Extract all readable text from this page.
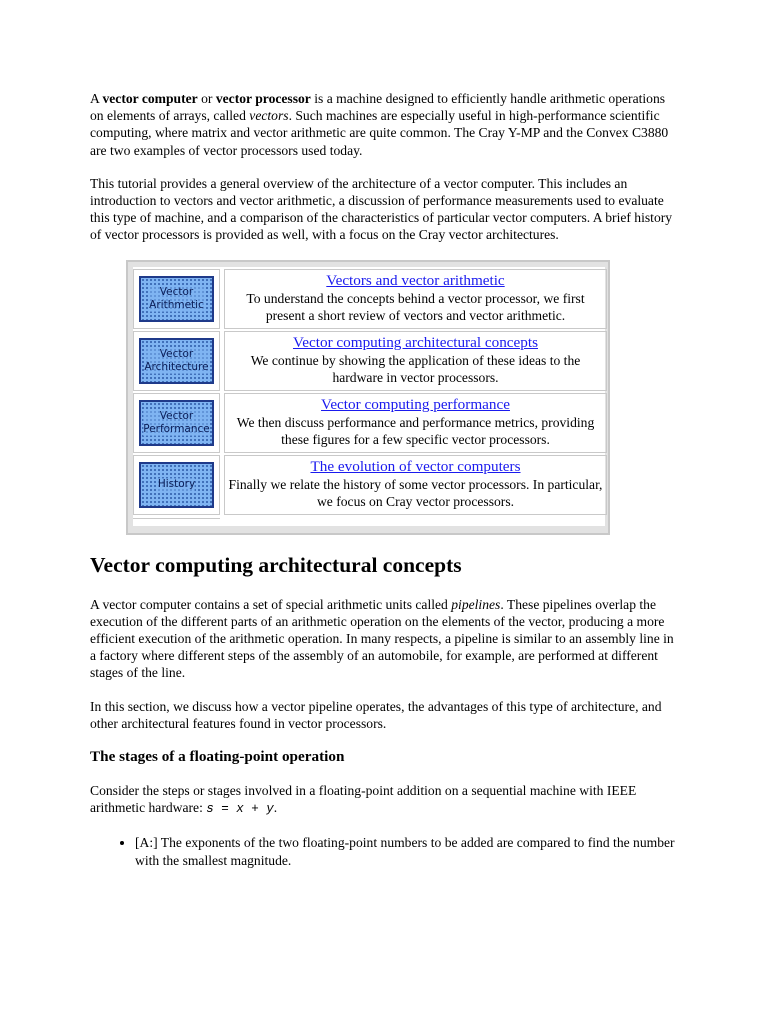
A vector computer or vector processor is a machine designed to efficiently handle arithmetic operations on elements of arrays, called vectors. Such machines are especially useful in high-performance scientific computing, where matrix and vector arithmetic are quite common. The Cray Y-MP and the Convex C3880 are two examples of vector processors used today.

This tutorial provides a general overview of the architecture of a vector computer. This includes an introduction to vectors and vector arithmetic, a discussion of performance measurements used to evaluate this type of machine, and a comparison of the characteristics of particular vector computers. A brief history of vector processors is provided as well, with a focus on the Cray vector architectures.

Vector
Arithmetic
Vectors and vector arithmetic
To understand the concepts behind a vector processor, we first present a short review of vectors and vector arithmetic.
Vector
Architecture
Vector computing architectural concepts
We continue by showing the application of these ideas to the hardware in vector processors.
Vector
Performance
Vector computing performance
We then discuss performance and performance metrics, providing these figures for a few specific vector processors.
History
The evolution of vector computers
Finally we relate the history of some vector processors. In particular, we focus on Cray vector processors.
Vector computing architectural concepts

A vector computer contains a set of special arithmetic units called pipelines. These pipelines overlap the execution of the different parts of an arithmetic operation on the elements of the vector, producing a more efficient execution of the arithmetic operation. In many respects, a pipeline is similar to an assembly line in a factory where different steps of the assembly of an automobile, for example, are performed at different stages of the line.

In this section, we discuss how a vector pipeline operates, the advantages of this type of architecture, and other architectural features found in vector processors.

The stages of a floating-point operation

Consider the steps or stages involved in a floating-point addition on a sequential machine with IEEE arithmetic hardware: s = x + y.

• [A:] The exponents of the two floating-point numbers to be added are compared to find the number with the smallest magnitude.
